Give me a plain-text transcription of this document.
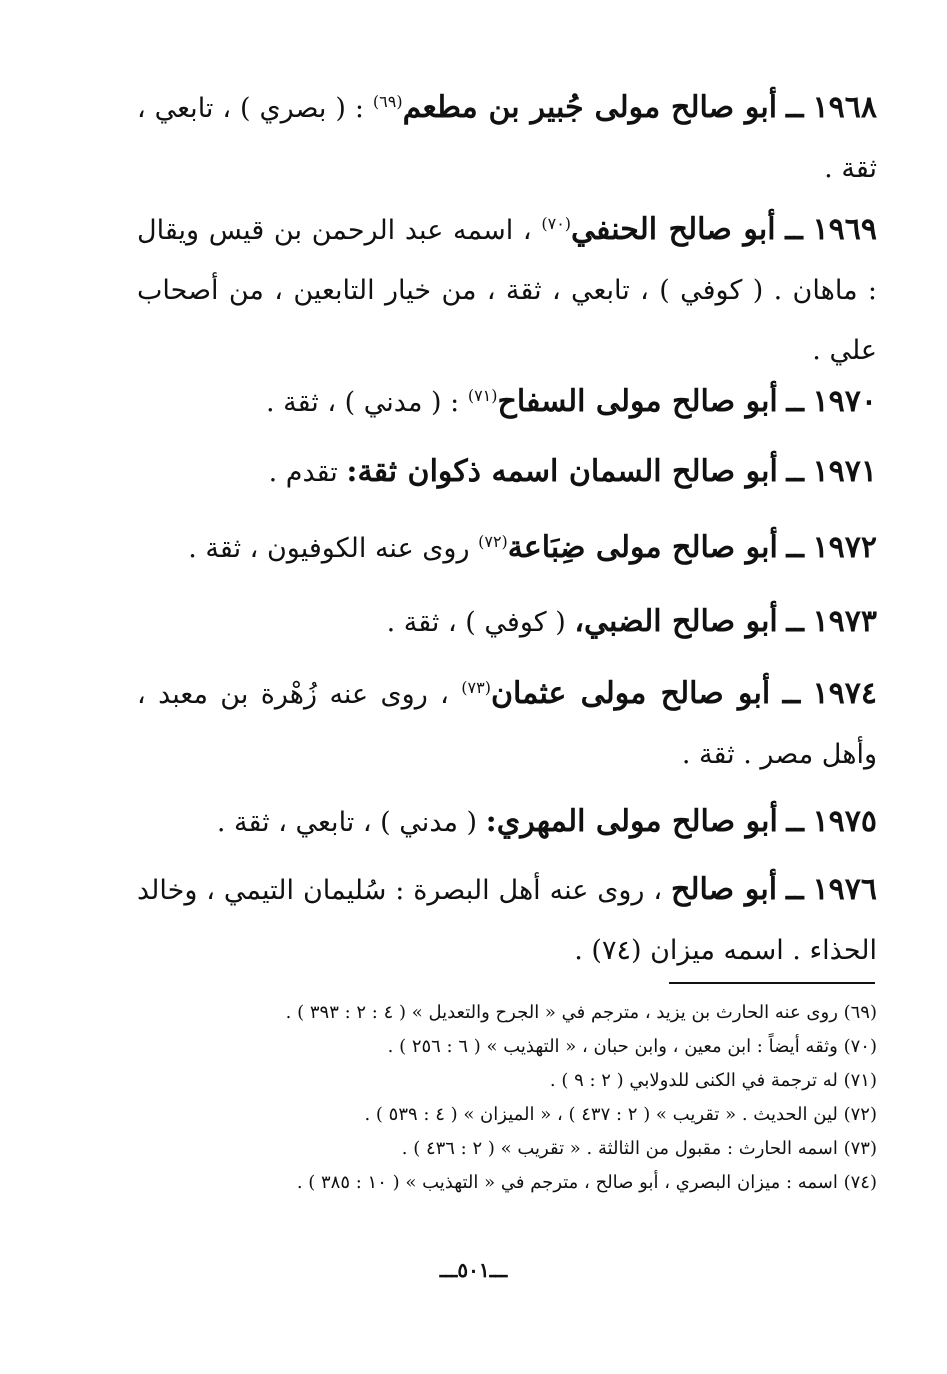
١٩٦٨ ــ أبو صالح مولى جُبير بن مطعم$^{(٦٩)}$ : ( بصري ) ، تابعي ، ثقة .
١٩٦٩ ــ أبو صالح الحنفي$^{(٧٠)}$ ، اسمه عبد الرحمن بن قيس ويقال : ماهان . ( كوفي ) ، تابعي ، ثقة ، من خيار التابعين ، من أصحاب علي .
١٩٧٠ ــ أبو صالح مولى السفاح$^{(٧١)}$ : ( مدني ) ، ثقة .
١٩٧١ ــ أبو صالح السمان اسمه ذكوان ثقة: تقدم .
١٩٧٢ ــ أبو صالح مولى ضِبَاعة$^{(٧٢)}$ روى عنه الكوفيون ، ثقة .
١٩٧٣ ــ أبو صالح الضبي، ( كوفي ) ، ثقة .
١٩٧٤ ــ أبو صالح مولى عثمان$^{(٧٣)}$ ، روى عنه زُهْرة بن معبد ، وأهل مصر . ثقة .
١٩٧٥ ــ أبو صالح مولى المهري: ( مدني ) ، تابعي ، ثقة .
١٩٧٦ ــ أبو صالح ، روى عنه أهل البصرة : سُليمان التيمي ، وخالد الحذاء . اسمه ميزان (٧٤) .
(٦٩) روى عنه الحارث بن يزيد ، مترجم في « الجرح والتعديل » ( ٤ : ٢ : ٣٩٣ ) .
(٧٠) وثقه أيضاً : ابن معين ، وابن حبان ، « التهذيب » ( ٦ : ٢٥٦ ) .
(٧١) له ترجمة في الكنى للدولابي ( ٢ : ٩ ) .
(٧٢) لين الحديث . « تقريب » ( ٢ : ٤٣٧ ) ، « الميزان » ( ٤ : ٥٣٩ ) .
(٧٣) اسمه الحارث : مقبول من الثالثة . « تقريب » ( ٢ : ٤٣٦ ) .
(٧٤) اسمه : ميزان البصري ، أبو صالح ، مترجم في « التهذيب » ( ١٠ : ٣٨٥ ) .
ـــ٥٠١ـــ
